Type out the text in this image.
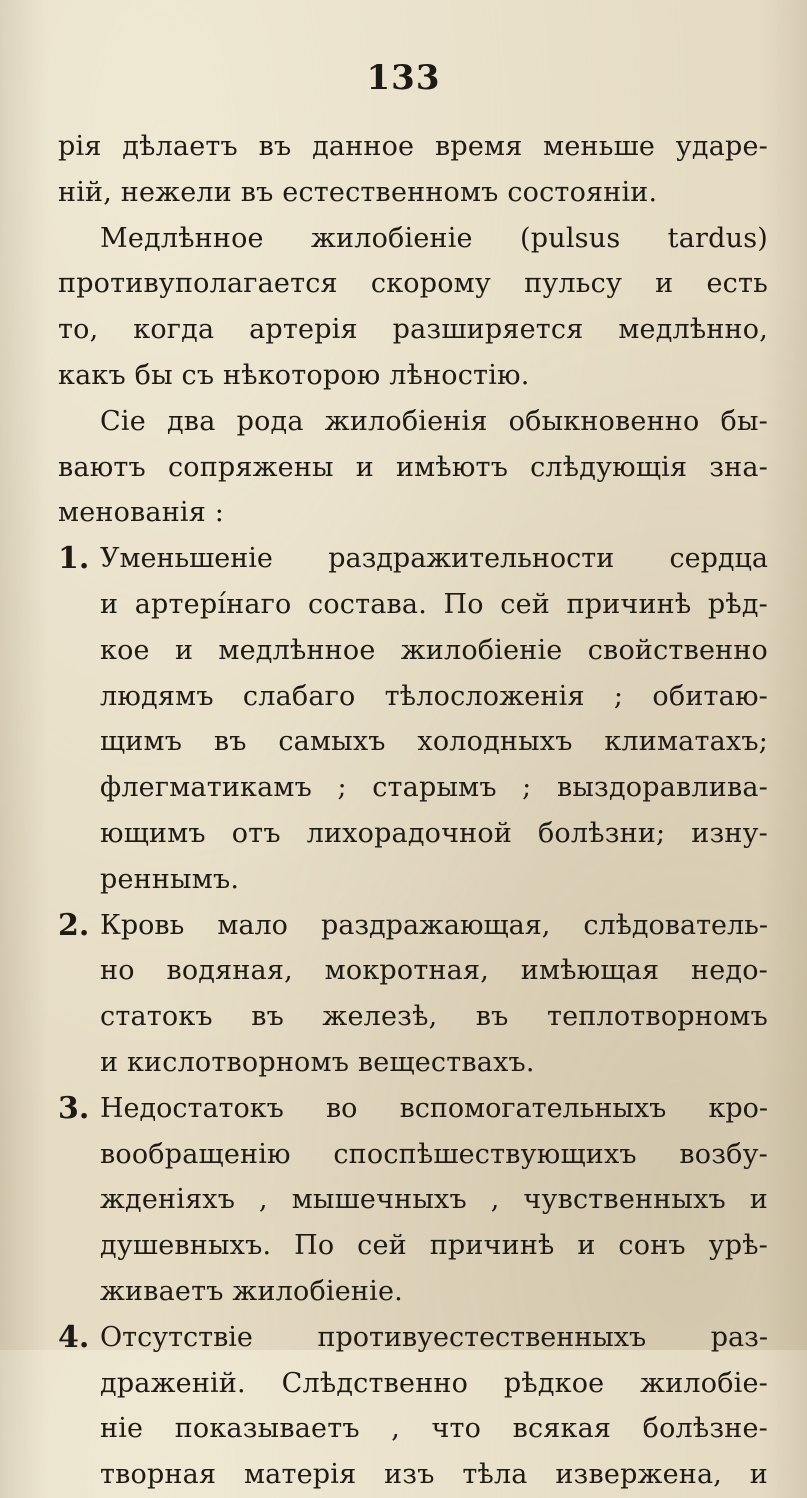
133
рія дѣлаетъ въ данное время меньше ударе-
ній, нежели въ естественномъ состояніи.
Медлѣнное жилобіеніе (pulsus tardus)
противуполагается скорому пульсу и есть
то, когда артерія разширяется медлѣнно,
какъ бы съ нѣкоторою лѣностію.
Сіе два рода жилобіенія обыкновенно бы-
ваютъ сопряжены и имѣютъ слѣдующія зна-
менованія :
1. Уменьшеніе раздражительности сердца
и артерíнаго состава. По сей причинѣ рѣд-
кое и медлѣнное жилобіеніе свойственно
людямъ слабаго тѣлосложенія ; обитаю-
щимъ въ самыхъ холодныхъ климатахъ;
флегматикамъ ; старымъ ; выздоравлива-
ющимъ отъ лихорадочной болѣзни; изну-
реннымъ.
2. Кровь мало раздражающая, слѣдователь-
но водяная, мокротная, имѣющая недо-
статокъ въ железѣ, въ теплотворномъ
и кислотворномъ веществахъ.
3. Недостатокъ во вспомогательныхъ кро-
вообращенію споспѣшествующихъ возбу-
жденіяхъ , мышечныхъ , чувственныхъ и
душевныхъ. По сей причинѣ и сонъ урѣ-
живаетъ жилобіеніе.
4. Отсутствіе противуестественныхъ раз-
драженій. Слѣдственно рѣдкое жилобіе-
ніе показываетъ , что всякая болѣзне-
творная матерія изъ тѣла извержена, и
